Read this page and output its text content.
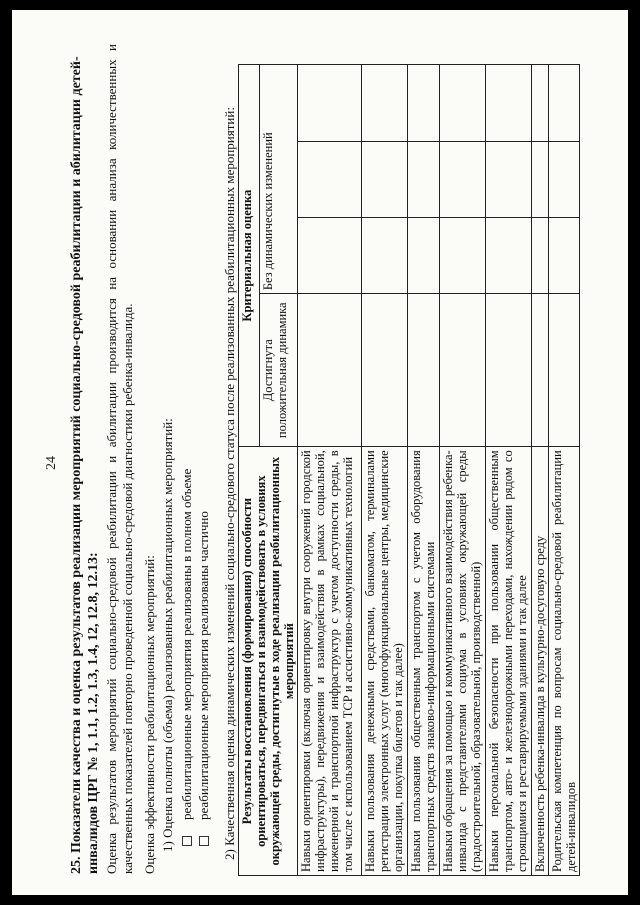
24 25. Показатели качества и оценка результатов реализации мероприятий социально-средовой реабилитации и абилитации детей-инвалидов ЦРГ № 1, 1.1, 1.2, 1.3, 1.4, 12, 12.8, 12.13: Оценка результатов мероприятий социально-средовой реабилитации и абилитации производится на основании анализа количественных и качественных показателей повторно проведенной социально-средовой диагностики ребенка-инвалида. Оценка эффективности реабилитационных мероприятий: 1) Оценка полноты (объема) реализованных реабилитационных мероприятий: реабилитационные мероприятия реализованы в полном объеме реабилитационные мероприятия реализованы частично 2) Качественная оценка динамических изменений социально-средового статуса после реализованных реабилитационных мероприятий: Результаты восстановления (формирования) способности ориентироваться, передвигаться и взаимодействовать в условиях окружающей среды, достигнутые в ходе реализации реабилитационных мероприятий	Критериальная оценка			
	Достигнута положительная динамика	Без динамических изменений		
Навыки ориентировки (включая ориентировку внутри сооружений городской инфраструктуры), передвижения и взаимодействия в рамках социальной, инженерной и транспортной инфраструктур с учетом доступности среды, в том числе с использованием ТСР и ассистивно-коммуникативных технологий				
Навыки пользования денежными средствами, банкоматом, терминалами регистрации электронных услуг (многофункциональные центры, медицинские организации, покупка билетов и так далее)				
Навыки пользования общественным транспортом с учетом оборудования транспортных средств знаково-информационными системами				
Навыки обращения за помощью и коммуникативного взаимодействия ребенка-инвалида с представителями социума в условиях окружающей среды (градостроительной, образовательной, производственной)				
Навыки персональной безопасности при пользовании общественным транспортом, авто- и железнодорожными переходами, нахождении рядом со строящимися и реставрируемыми зданиями и так далее				
Включенность ребенка-инвалида в культурно-досуговую среду				
Родительская компетенция по вопросам социально-средовой реабилитации детей-инвалидов				
